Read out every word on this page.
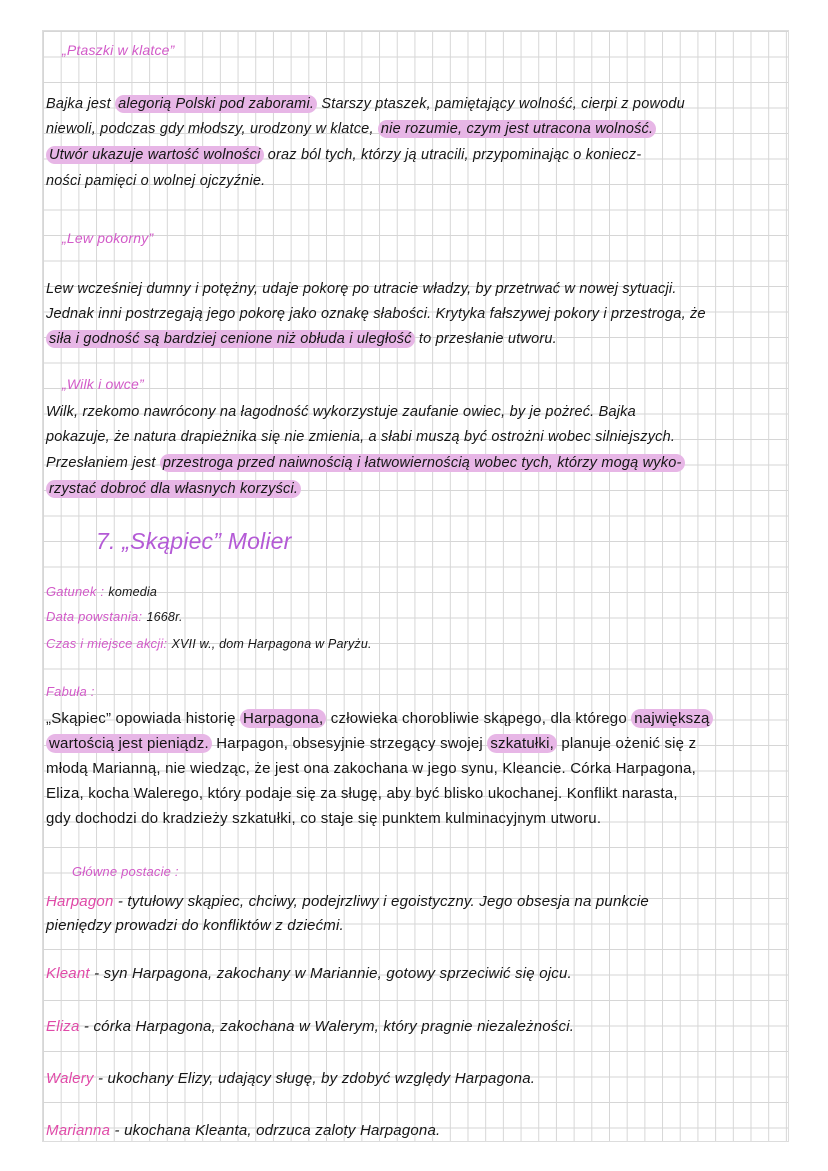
„Ptaszki w klatce”
Bajka jest alegorią Polski pod zaborami. Starszy ptaszek, pamiętający wolność, cierpi z powodu
niewoli, podczas gdy młodszy, urodzony w klatce, nie rozumie, czym jest utracona wolność.
Utwór ukazuje wartość wolności oraz ból tych, którzy ją utracili, przypominając o koniecz-
ności pamięci o wolnej ojczyźnie.
„Lew pokorny”
Lew wcześniej dumny i potężny, udaje pokorę po utracie władzy, by przetrwać w nowej sytuacji.
Jednak inni postrzegają jego pokorę jako oznakę słabości. Krytyka fałszywej pokory i przestroga, że
siła i godność są bardziej cenione niż obłuda i uległość to przesłanie utworu.
„Wilk i owce”
Wilk, rzekomo nawrócony na łagodność wykorzystuje zaufanie owiec, by je pożreć. Bajka
pokazuje, że natura drapieżnika się nie zmienia, a słabi muszą być ostrożni wobec silniejszych.
Przesłaniem jest przestroga przed naiwnością i łatwowiernością wobec tych, którzy mogą wyko-
rzystać dobroć dla własnych korzyści.
7. „Skąpiec” Molier
Gatunek : komedia
Data powstania: 1668r.
Czas i miejsce akcji: XVII w., dom Harpagona w Paryżu.
Fabuła :
„Skąpiec” opowiada historię Harpagona, człowieka chorobliwie skąpego, dla którego największą
wartością jest pieniądz. Harpagon, obsesyjnie strzegący swojej szkatułki, planuje ożenić się z
młodą Marianną, nie wiedząc, że jest ona zakochana w jego synu, Kleancie. Córka Harpagona,
Eliza, kocha Walerego, który podaje się za sługę, aby być blisko ukochanej. Konflikt narasta,
gdy dochodzi do kradzieży szkatułki, co staje się punktem kulminacyjnym utworu.
Główne postacie :
Harpagon - tytułowy skąpiec, chciwy, podejrzliwy i egoistyczny. Jego obsesja na punkcie
pieniędzy prowadzi do konfliktów z dziećmi.
Kleant - syn Harpagona, zakochany w Mariannie, gotowy sprzeciwić się ojcu.
Eliza - córka Harpagona, zakochana w Walerym, który pragnie niezależności.
Walery - ukochany Elizy, udający sługę, by zdobyć względy Harpagona.
Marianna - ukochana Kleanta, odrzuca zaloty Harpagona.
